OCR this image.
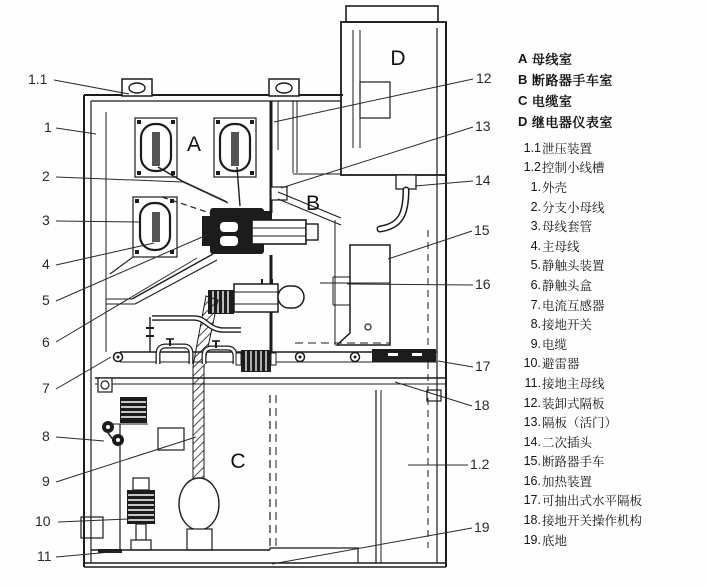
1.1
1
2
3
4
5
6
7
8
9
10
11
12
13
14
15
16
17
18
1.2
19
A
B
C
D	A 母线室
B 断路器手车室
C 电缆室
D 继电器仪表室
1.1 泄压装置
1.2 控制小线槽
1. 外壳
2. 分支小母线
3. 母线套管
4. 主母线
5. 静触头装置
6. 静触头盒
7. 电流互感器
8. 接地开关
9. 电缆
10. 避雷器
11. 接地主母线
12. 装卸式隔板
13. 隔板（活门）
14. 二次插头
15. 断路器手车
16. 加热装置
17. 可抽出式水平隔板
18. 接地开关操作机构
19. 底地
